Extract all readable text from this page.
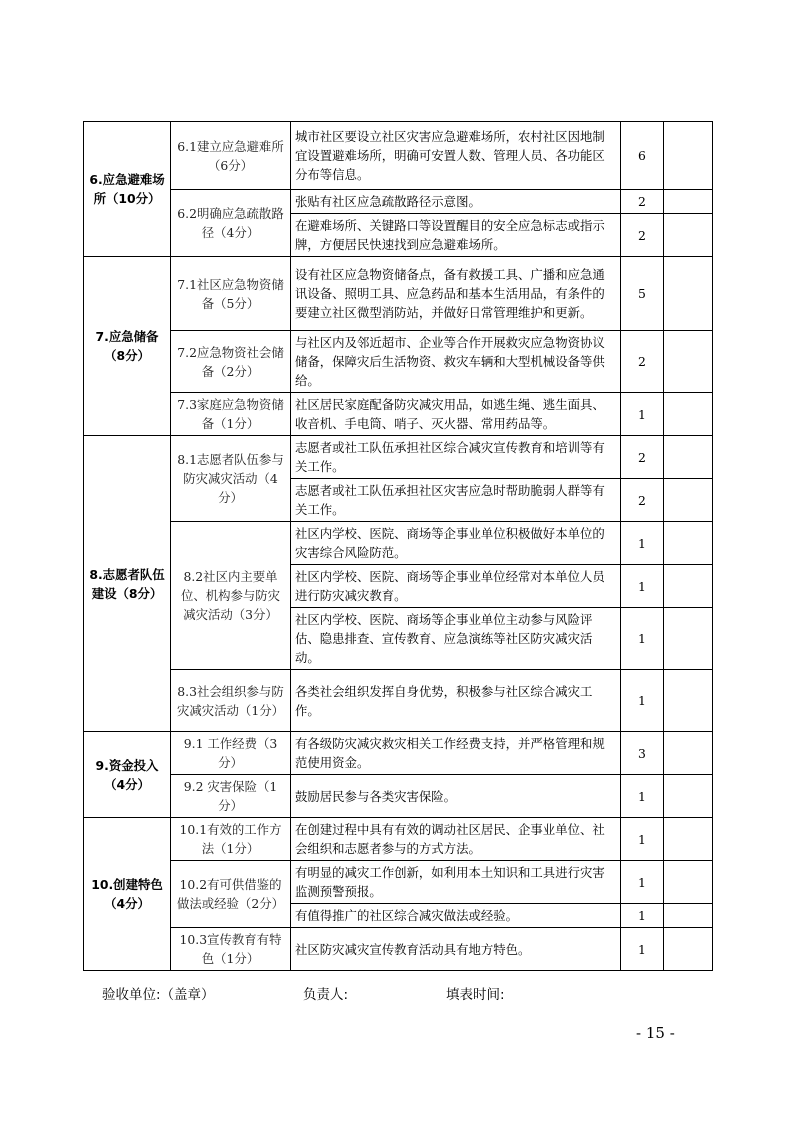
6.应急避难场所（10分）	6.1建立应急避难所（6分）	城市社区要设立社区灾害应急避难场所，农村社区因地制宜设置避难场所，明确可安置人数、管理人员、各功能区分布等信息。	6	
	6.2明确应急疏散路径（4分）	张贴有社区应急疏散路径示意图。	2	
		在避难场所、关键路口等设置醒目的安全应急标志或指示牌，方便居民快速找到应急避难场所。	2	
7.应急储备（8分）	7.1社区应急物资储备（5分）	设有社区应急物资储备点，备有救援工具、广播和应急通讯设备、照明工具、应急药品和基本生活用品，有条件的要建立社区微型消防站，并做好日常管理维护和更新。	5	
	7.2应急物资社会储备（2分）	与社区内及邻近超市、企业等合作开展救灾应急物资协议储备，保障灾后生活物资、救灾车辆和大型机械设备等供给。	2	
	7.3家庭应急物资储备（1分）	社区居民家庭配备防灾减灾用品，如逃生绳、逃生面具、收音机、手电筒、哨子、灭火器、常用药品等。	1	
8.志愿者队伍建设（8分）	8.1志愿者队伍参与防灾减灾活动（4分）	志愿者或社工队伍承担社区综合减灾宣传教育和培训等有关工作。	2	
		志愿者或社工队伍承担社区灾害应急时帮助脆弱人群等有关工作。	2	
	8.2社区内主要单位、机构参与防灾减灾活动（3分）	社区内学校、医院、商场等企事业单位积极做好本单位的灾害综合风险防范。	1	
		社区内学校、医院、商场等企事业单位经常对本单位人员进行防灾减灾教育。	1	
		社区内学校、医院、商场等企事业单位主动参与风险评估、隐患排查、宣传教育、应急演练等社区防灾减灾活动。	1	
	8.3社会组织参与防灾减灾活动（1分）	各类社会组织发挥自身优势，积极参与社区综合减灾工作。	1	
9.资金投入（4分）	9.1 工作经费（3分）	有各级防灾减灾救灾相关工作经费支持，并严格管理和规范使用资金。	3	
	9.2 灾害保险（1分）	鼓励居民参与各类灾害保险。	1	
10.创建特色（4分）	10.1有效的工作方法（1分）	在创建过程中具有有效的调动社区居民、企事业单位、社会组织和志愿者参与的方式方法。	1	
	10.2有可供借鉴的做法或经验（2分）	有明显的减灾工作创新，如利用本土知识和工具进行灾害监测预警预报。	1	
		有值得推广的社区综合减灾做法或经验。	1	
	10.3宣传教育有特色（1分）	社区防灾减灾宣传教育活动具有地方特色。	1	
验收单位:（盖章）	负责人:	填表时间:
- 15 -
